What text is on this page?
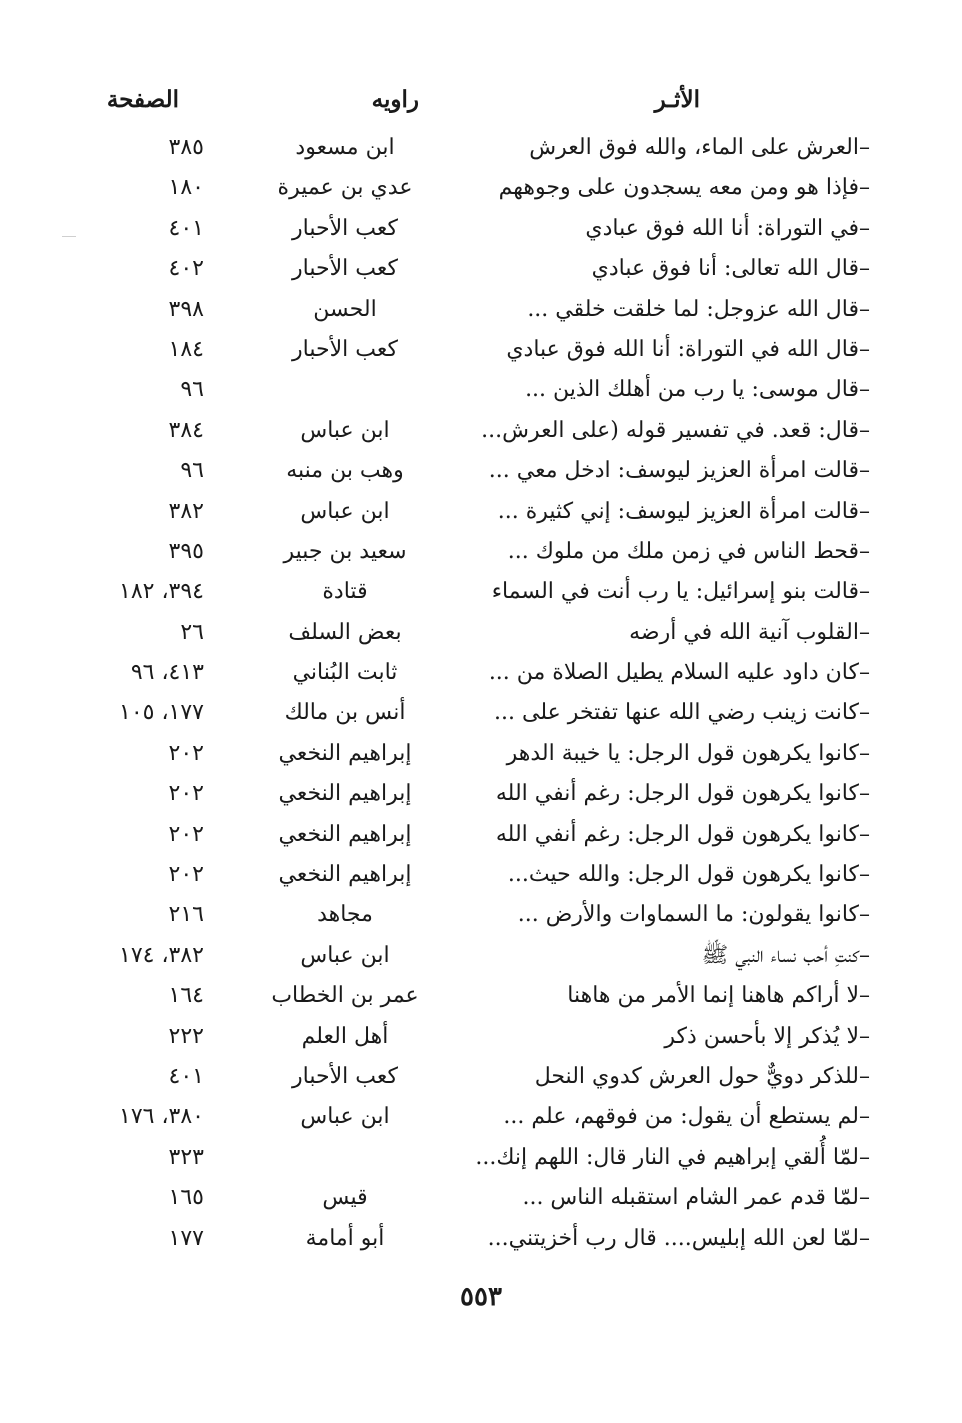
الأثـر
راويه
الصفحة
–العرش على الماء، والله فوق العرش
ابن مسعود
٣٨٥
–فإذا هو ومن معه يسجدون على وجوههم
عدي بن عميرة
١٨٠
–في التوراة: أنا الله فوق عبادي
كعب الأحبار
٤٠١
–قال الله تعالى: أنا فوق عبادي
كعب الأحبار
٤٠٢
–قال الله عزوجل: لما خلقت خلقي ...
الحسن
٣٩٨
–قال الله في التوراة: أنا الله فوق عبادي
كعب الأحبار
١٨٤
–قال موسى: يا رب من أهلك الذين ...
٩٦
–قال: قعد. في تفسير قوله (على العرش...
ابن عباس
٣٨٤
–قالت امرأة العزيز ليوسف: ادخل معي ...
وهب بن منبه
٩٦
–قالت امرأة العزيز ليوسف: إني كثيرة ...
ابن عباس
٣٨٢
–قحط الناس في زمن ملك من ملوك ...
سعيد بن جبير
٣٩٥
–قالت بنو إسرائيل: يا رب أنت في السماء
قتادة
٣٩٤، ١٨٢
–القلوب آنية الله في أرضه
بعض السلف
٢٦
–كان داود عليه السلام يطيل الصلاة من ...
ثابت البُناني
٤١٣، ٩٦
–كانت زينب رضي الله عنها تفتخر على ...
أنس بن مالك
١٧٧، ١٠٥
–كانوا يكرهون قول الرجل: يا خيبة الدهر
إبراهيم النخعي
٢٠٢
–كانوا يكرهون قول الرجل: رغم أنفي الله
إبراهيم النخعي
٢٠٢
–كانوا يكرهون قول الرجل: رغم أنفي الله
إبراهيم النخعي
٢٠٢
–كانوا يكرهون قول الرجل: والله حيث...
إبراهيم النخعي
٢٠٢
–كانوا يقولون: ما السماوات والأرض ...
مجاهد
٢١٦
–كنتِ أحب نساء النبي ﷺ
ابن عباس
٣٨٢، ١٧٤
–لا أراكم هاهنا إنما الأمر من هاهنا
عمر بن الخطاب
١٦٤
–لا يُذكر إلا بأحسن ذكر
أهل العلم
٢٢٢
–للذكر دويٌّ حول العرش كدوي النحل
كعب الأحبار
٤٠١
–لم يستطع أن يقول: من فوقهم، علم ...
ابن عباس
٣٨٠، ١٧٦
–لمّا أُلقي إبراهيم في النار قال: اللهم إنك...
٣٢٣
–لمّا قدم عمر الشام استقبله الناس ...
قيس
١٦٥
–لمّا لعن الله إبليس.... قال رب أخزيتني...
أبو أمامة
١٧٧
٥٥٣
